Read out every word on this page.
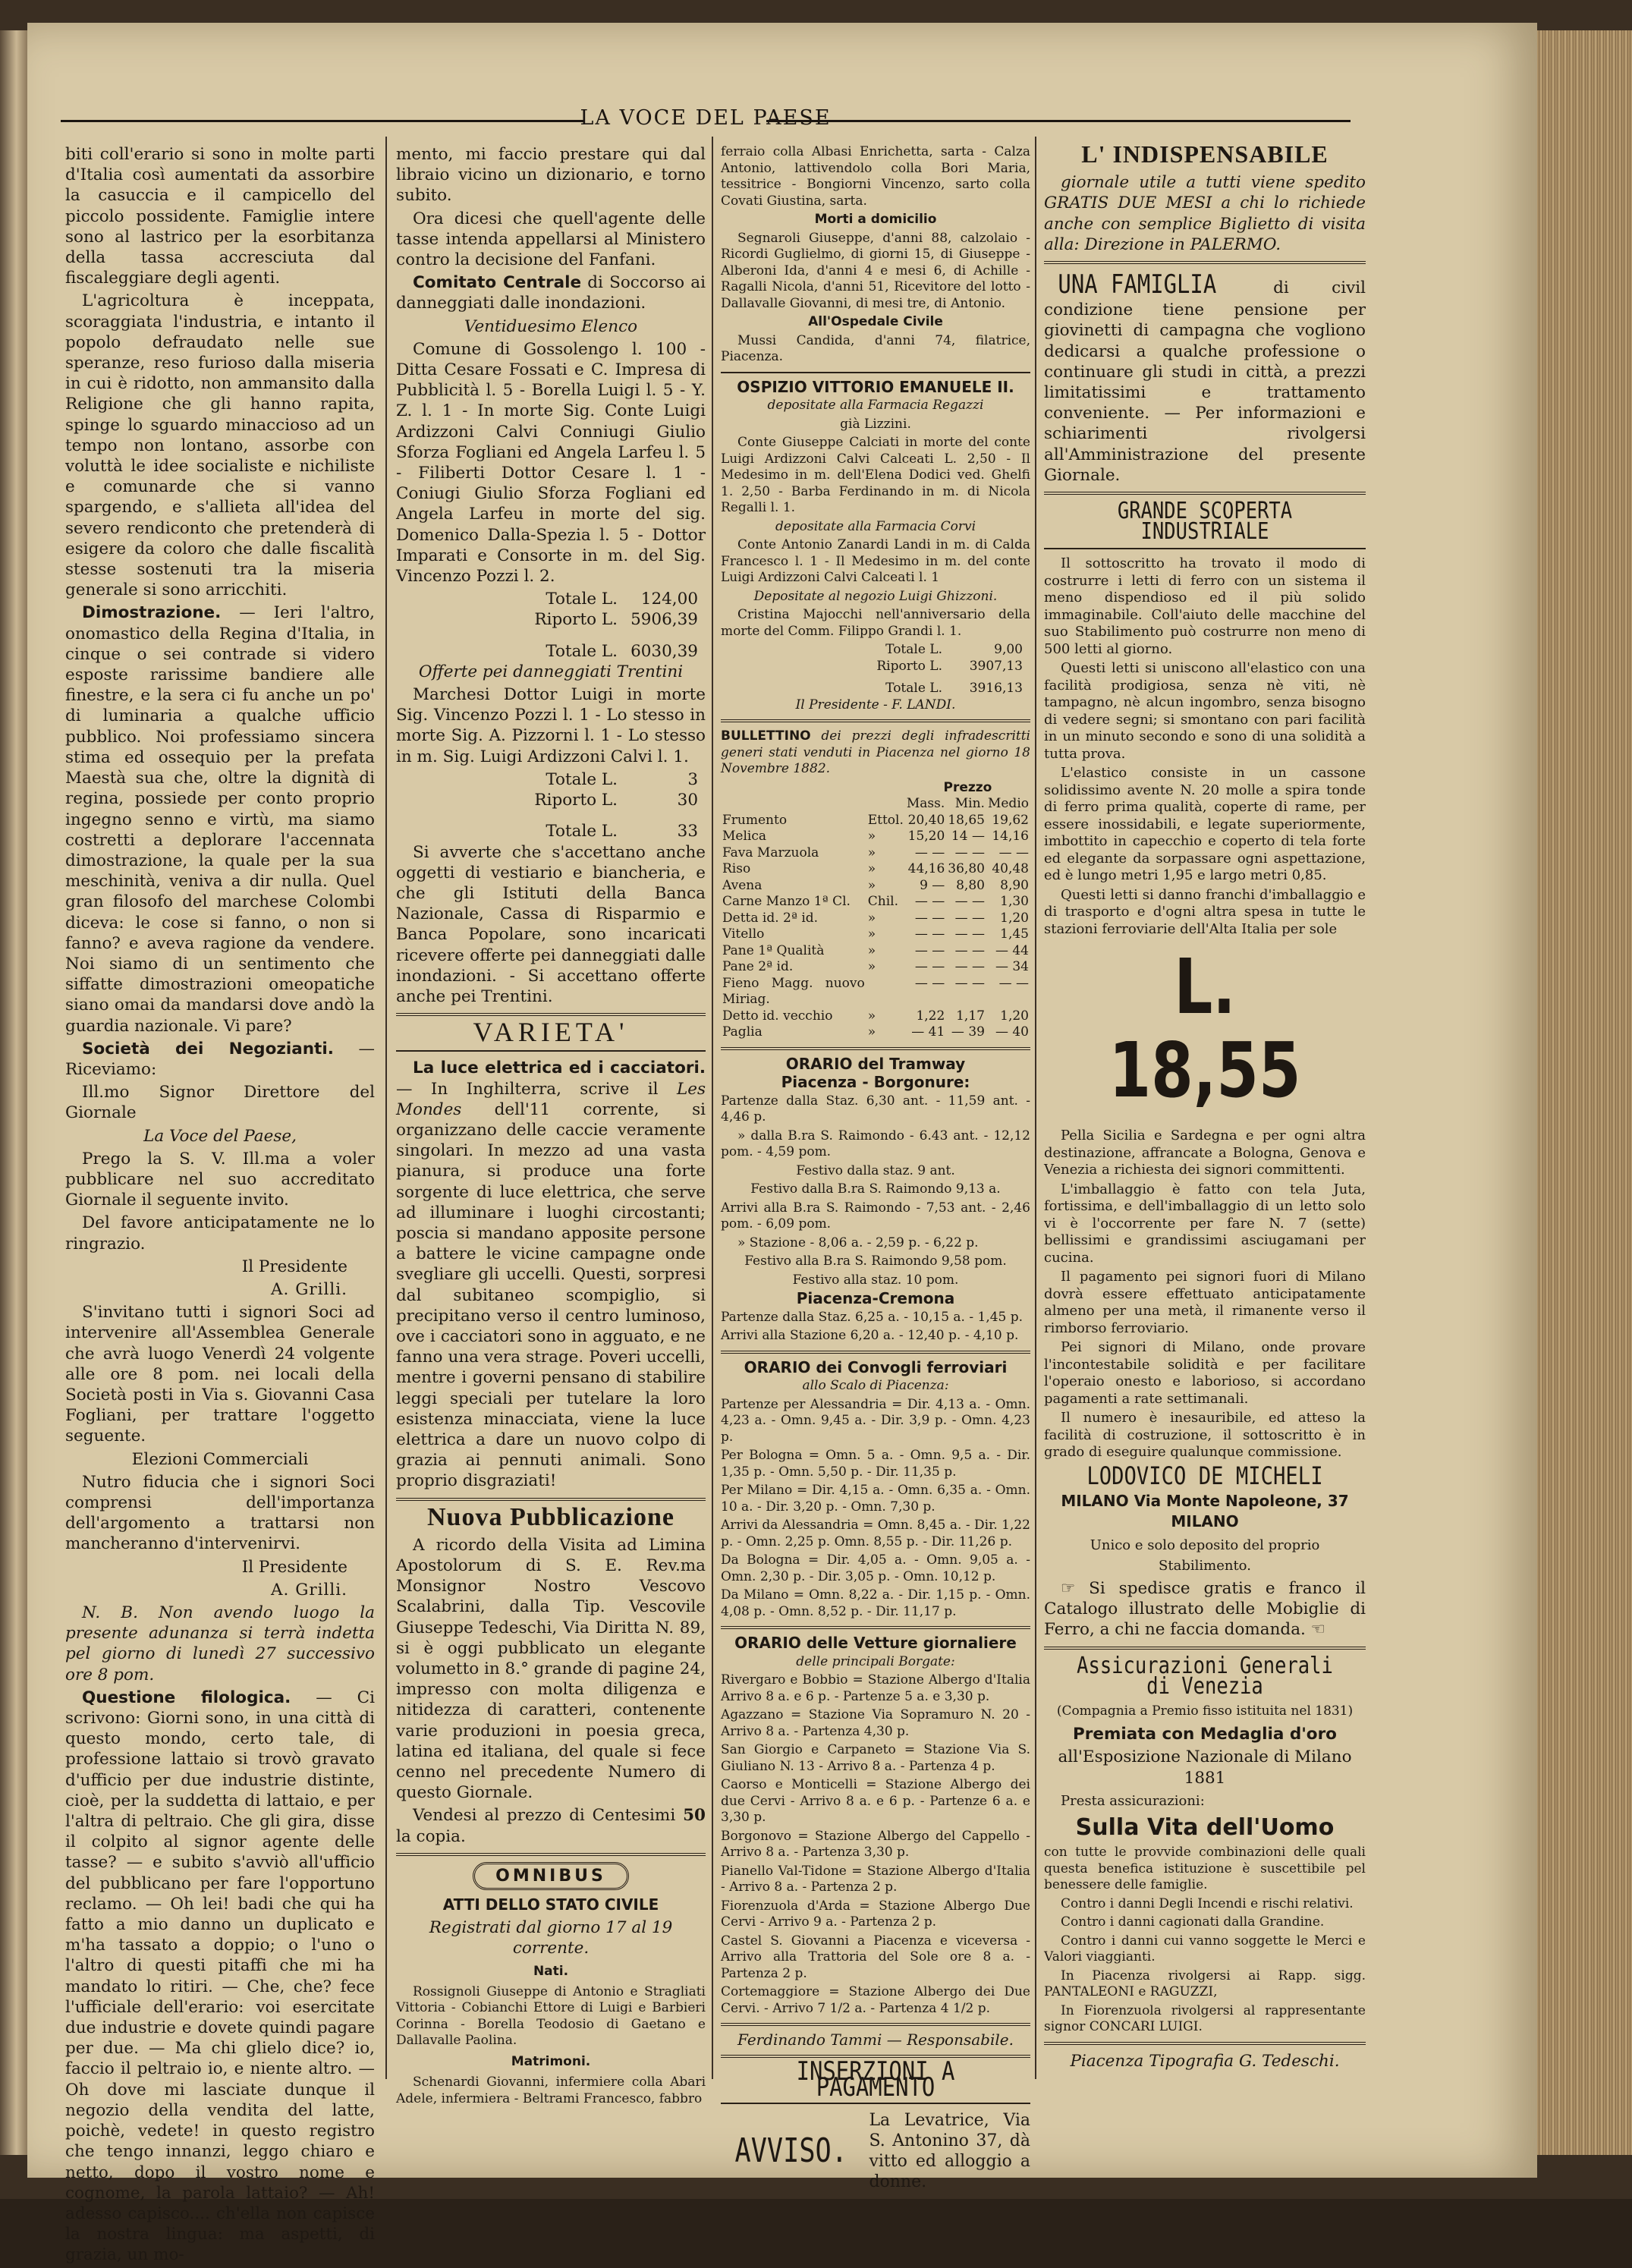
LA VOCE DEL PAESE

biti coll'erario si sono in molte parti d'Italia così aumentati da assorbire la casuccia e il campicello del piccolo possidente. Famiglie intere sono al lastrico per la esorbitanza della tassa accresciuta dal fiscaleggiare degli agenti.

L'agricoltura è inceppata, scoraggiata l'industria, e intanto il popolo defraudato nelle sue speranze, reso furioso dalla miseria in cui è ridotto, non ammansito dalla Religione che gli hanno rapita, spinge lo sguardo minaccioso ad un tempo non lontano, assorbe con voluttà le idee socialiste e nichiliste e comunarde che si vanno spargendo, e s'allieta all'idea del severo rendiconto che pretenderà di esigere da coloro che dalle fiscalità stesse sostenuti tra la miseria generale si sono arricchiti.

Dimostrazione. — Ieri l'altro, onomastico della Regina d'Italia, in cinque o sei contrade si videro esposte rarissime bandiere alle finestre, e la sera ci fu anche un po' di luminaria a qualche ufficio pubblico. Noi professiamo sincera stima ed ossequio per la prefata Maestà sua che, oltre la dignità di regina, possiede per conto proprio ingegno senno e virtù, ma siamo costretti a deplorare l'accennata dimostrazione, la quale per la sua meschinità, veniva a dir nulla. Quel gran filosofo del marchese Colombi diceva: le cose si fanno, o non si fanno? e aveva ragione da vendere. Noi siamo di un sentimento che siffatte dimostrazioni omeopatiche siano omai da mandarsi dove andò la guardia nazionale. Vi pare?

Società dei Negozianti. — Riceviamo:

Ill.mo Signor Direttore del Giornale

La Voce del Paese,

Prego la S. V. Ill.ma a voler pubblicare nel suo accreditato Giornale il seguente invito.

Del favore anticipatamente ne lo ringrazio.

Il Presidente

A. Grilli.

S'invitano tutti i signori Soci ad intervenire all'Assemblea Generale che avrà luogo Venerdì 24 volgente alle ore 8 pom. nei locali della Società posti in Via s. Giovanni Casa Fogliani, per trattare l'oggetto seguente.

Elezioni Commerciali

Nutro fiducia che i signori Soci comprensi dell'importanza dell'argomento a trattarsi non mancheranno d'intervenirvi.

Il Presidente

A. Grilli.

N. B. Non avendo luogo la presente adunanza si terrà indetta pel giorno di lunedì 27 successivo ore 8 pom.

Questione filologica. — Ci scrivono: Giorni sono, in una città di questo mondo, certo tale, di professione lattaio si trovò gravato d'ufficio per due industrie distinte, cioè, per la suddetta di lattaio, e per l'altra di peltraio. Che gli gira, disse il colpito al signor agente delle tasse? — e subito s'avviò all'ufficio del pubblicano per fare l'opportuno reclamo. — Oh lei! badi che qui ha fatto a mio danno un duplicato e m'ha tassato a doppio; o l'uno o l'altro di questi pitaffi che mi ha mandato lo ritiri. — Che, che? fece l'ufficiale dell'erario: voi esercitate due industrie e dovete quindi pagare per due. — Ma chi glielo dice? io, faccio il peltraio io, e niente altro. — Oh dove mi lasciate dunque il negozio della vendita del latte, poichè, vedete! in questo registro che tengo innanzi, leggo chiaro e netto, dopo il vostro nome e cognome, la parola lattaio? — Ah! adesso capisco.... ch'ella non capisce la nostra lingua: ma aspetti, di grazia, un mo-

mento, mi faccio prestare qui dal libraio vicino un dizionario, e torno subito.

Ora dicesi che quell'agente delle tasse intenda appellarsi al Ministero contro la decisione del Fanfani.

Comitato Centrale di Soccorso ai danneggiati dalle inondazioni.

Ventiduesimo Elenco

Comune di Gossolengo l. 100 - Ditta Cesare Fossati e C. Impresa di Pubblicità l. 5 - Borella Luigi l. 5 - Y. Z. l. 1 - In morte Sig. Conte Luigi Ardizzoni Calvi Conniugi Giulio Sforza Fogliani ed Angela Larfeu l. 5 - Filiberti Dottor Cesare l. 1 - Coniugi Giulio Sforza Fogliani ed Angela Larfeu in morte del sig. Domenico Dalla-Spezia l. 5 - Dottor Imparati e Consorte in m. del Sig. Vincenzo Pozzi l. 2.

Totale L.	124,00
Riporto L. 5906,39
Totale L. 6030,39

Offerte pei danneggiati Trentini

Marchesi Dottor Luigi in morte Sig. Vincenzo Pozzi l. 1 - Lo stesso in morte Sig. A. Pizzorni l. 1 - Lo stesso in m. Sig. Luigi Ardizzoni Calvi l. 1.

Totale L.	3
Riporto L.	30
Totale L.	33

Si avverte che s'accettano anche oggetti di vestiario e biancheria, e che gli Istituti della Banca Nazionale, Cassa di Risparmio e Banca Popolare, sono incaricati ricevere offerte pei danneggiati dalle inondazioni. - Si accettano offerte anche pei Trentini.

VARIETA'

La luce elettrica ed i cacciatori. — In Inghilterra, scrive il Les Mondes dell'11 corrente, si organizzano delle caccie veramente singolari. In mezzo ad una vasta pianura, si produce una forte sorgente di luce elettrica, che serve ad illuminare i luoghi circostanti; poscia si mandano apposite persone a battere le vicine campagne onde svegliare gli uccelli. Questi, sorpresi dal subitaneo scompiglio, si precipitano verso il centro luminoso, ove i cacciatori sono in agguato, e ne fanno una vera strage. Poveri uccelli, mentre i governi pensano di stabilire leggi speciali per tutelare la loro esistenza minacciata, viene la luce elettrica a dare un nuovo colpo di grazia ai pennuti animali. Sono proprio disgraziati!

Nuova Pubblicazione

A ricordo della Visita ad Limina Apostolorum di S. E. Rev.ma Monsignor Nostro Vescovo Scalabrini, dalla Tip. Vescovile Giuseppe Tedeschi, Via Diritta N. 89, si è oggi pubblicato un elegante volumetto in 8.° grande di pagine 24, impresso con molta diligenza e nitidezza di caratteri, contenente varie produzioni in poesia greca, latina ed italiana, del quale si fece cenno nel precedente Numero di questo Giornale.

Vendesi al prezzo di Centesimi 50 la copia.

OMNIBUS

ATTI DELLO STATO CIVILE

Registrati dal giorno 17 al 19 corrente.

Nati.

Rossignoli Giuseppe di Antonio e Stragliati Vittoria - Cobianchi Ettore di Luigi e Barbieri Corinna - Borella Teodosio di Gaetano e Dallavalle Paolina.

Matrimoni.

Schenardi Giovanni, infermiere colla Abari Adele, infermiera - Beltrami Francesco, fabbro

ferraio colla Albasi Enrichetta, sarta - Calza Antonio, lattivendolo colla Bori Maria, tessitrice - Bongiorni Vincenzo, sarto colla Covati Giustina, sarta.

Morti a domicilio

Segnaroli Giuseppe, d'anni 88, calzolaio - Ricordi Guglielmo, di giorni 15, di Giuseppe - Alberoni Ida, d'anni 4 e mesi 6, di Achille - Ragalli Nicola, d'anni 51, Ricevitore del lotto - Dallavalle Giovanni, di mesi tre, di Antonio.

All'Ospedale Civile

Mussi Candida, d'anni 74, filatrice, Piacenza.

OSPIZIO VITTORIO EMANUELE II.

depositate alla Farmacia Regazzi

già Lizzini.

Conte Giuseppe Calciati in morte del conte Luigi Ardizzoni Calvi Calceati L. 2,50 - Il Medesimo in m. dell'Elena Dodici ved. Ghelfi 1. 2,50 - Barba Ferdinando in m. di Nicola Regalli l. 1.

depositate alla Farmacia Corvi

Conte Antonio Zanardi Landi in m. di Calda Francesco l. 1 - Il Medesimo in m. del conte Luigi Ardizzoni Calvi Calceati l. 1

Depositate al negozio Luigi Ghizzoni.

Cristina Majocchi nell'anniversario della morte del Comm. Filippo Grandi l. 1.

Totale L.	9,00
Riporto L.	3907,13
Totale L.	3916,13

Il Presidente - F. LANDI.

BULLETTINO dei prezzi degli infradescritti generi stati venduti in Piacenza nel giorno 18 Novembre 1882.

		Prezzo		
		Mass.	Min.	Medio
Frumento	Ettol.	20,40	18,65	19,62
Melica	»	15,20	14 —	14,16
Fava Marzuola	»	— —	— —	— —
Riso	»	44,16	36,80	40,48
Avena	»	9 —	8,80	8,90
Carne Manzo 1ª Cl.	Chil.	— —	— —	1,30
Detta id. 2ª id.	»	— —	— —	1,20
Vitello	»	— —	— —	1,45
Pane 1ª Qualità	»	— —	— —	— 44
Pane 2ª id.	»	— —	— —	— 34
Fieno Magg. nuovo Miriag.		— —	— —	— —
Detto id. vecchio	»	1,22	1,17	1,20
Paglia	»	— 41	— 39	— 40

ORARIO del Tramway

Piacenza - Borgonure:

Partenze dalla Staz. 6,30 ant. - 11,59 ant. - 4,46 p.

» dalla B.ra S. Raimondo - 6.43 ant. - 12,12 pom. - 4,59 pom.

Festivo dalla staz. 9 ant.

Festivo dalla B.ra S. Raimondo 9,13 a.

Arrivi alla B.ra S. Raimondo - 7,53 ant. - 2,46 pom. - 6,09 pom.

» Stazione - 8,06 a. - 2,59 p. - 6,22 p.

Festivo alla B.ra S. Raimondo 9,58 pom.

Festivo alla staz. 10 pom.

Piacenza-Cremona

Partenze dalla Staz. 6,25 a. - 10,15 a. - 1,45 p.

Arrivi alla Stazione 6,20 a. - 12,40 p. - 4,10 p.

ORARIO dei Convogli ferroviari

allo Scalo di Piacenza:

Partenze per Alessandria = Dir. 4,13 a. - Omn. 4,23 a. - Omn. 9,45 a. - Dir. 3,9 p. - Omn. 4,23 p.

Per Bologna = Omn. 5 a. - Omn. 9,5 a. - Dir. 1,35 p. - Omn. 5,50 p. - Dir. 11,35 p.

Per Milano = Dir. 4,15 a. - Omn. 6,35 a. - Omn. 10 a. - Dir. 3,20 p. - Omn. 7,30 p.

Arrivi da Alessandria = Omn. 8,45 a. - Dir. 1,22 p. - Omn. 2,25 p. Omn. 8,55 p. - Dir. 11,26 p.

Da Bologna = Dir. 4,05 a. - Omn. 9,05 a. - Omn. 2,30 p. - Dir. 3,05 p. - Omn. 10,12 p.

Da Milano = Omn. 8,22 a. - Dir. 1,15 p. - Omn. 4,08 p. - Omn. 8,52 p. - Dir. 11,17 p.

ORARIO delle Vetture giornaliere

delle principali Borgate:

Rivergaro e Bobbio = Stazione Albergo d'Italia Arrivo 8 a. e 6 p. - Partenze 5 a. e 3,30 p.

Agazzano = Stazione Via Sopramuro N. 20 - Arrivo 8 a. - Partenza 4,30 p.

San Giorgio e Carpaneto = Stazione Via S. Giuliano N. 13 - Arrivo 8 a. - Partenza 4 p.

Caorso e Monticelli = Stazione Albergo dei due Cervi - Arrivo 8 a. e 6 p. - Partenze 6 a. e 3,30 p.

Borgonovo = Stazione Albergo del Cappello - Arrivo 8 a. - Partenza 3,30 p.

Pianello Val-Tidone = Stazione Albergo d'Italia - Arrivo 8 a. - Partenza 2 p.

Fiorenzuola d'Arda = Stazione Albergo Due Cervi - Arrivo 9 a. - Partenza 2 p.

Castel S. Giovanni a Piacenza e viceversa - Arrivo alla Trattoria del Sole ore 8 a. - Partenza 2 p.

Cortemaggiore = Stazione Albergo dei Due Cervi. - Arrivo 7 1/2 a. - Partenza 4 1/2 p.

Ferdinando Tammi — Responsabile.

INSERZIONI A PAGAMENTO
AVVISO.
La Levatrice, Via S. Antonino 37, dà vitto ed alloggio a donne.
L' INDISPENSABILE

giornale utile a tutti viene spedito GRATIS DUE MESI a chi lo richiede anche con semplice Biglietto di visita alla: Direzione in PALERMO.

UNA FAMIGLIA	di civil condizione tiene pensione per giovinetti di campagna che vogliono dedicarsi a qualche professione o continuare gli studi in città, a prezzi limitatissimi e trattamento conveniente. — Per informazioni e schiarimenti rivolgersi all'Amministrazione del presente Giornale.

GRANDE SCOPERTA INDUSTRIALE

Il sottoscritto ha trovato il modo di costrurre i letti di ferro con un sistema il meno dispendioso ed il più solido immaginabile. Coll'aiuto delle macchine del suo Stabilimento può costrurre non meno di 500 letti al giorno.

Questi letti si uniscono all'elastico con una facilità prodigiosa, senza nè viti, nè tampagno, nè alcun ingombro, senza bisogno di vedere segni; si smontano con pari facilità in un minuto secondo e sono di una solidità a tutta prova.

L'elastico consiste in un cassone solidissimo avente N. 20 molle a spira tonde di ferro prima qualità, coperte di rame, per essere inossidabili, e legate superiormente, imbottito in capecchio e coperto di tela forte ed elegante da sorpassare ogni aspettazione, ed è lungo metri 1,95 e largo metri 0,85.

Questi letti si danno franchi d'imballaggio e di trasporto e d'ogni altra spesa in tutte le stazioni ferroviarie dell'Alta Italia per sole

L. 18,55

Pella Sicilia e Sardegna e per ogni altra destinazione, affrancate a Bologna, Genova e Venezia a richiesta dei signori committenti.

L'imballaggio è fatto con tela Juta, fortissima, e dell'imballaggio di un letto solo vi è l'occorrente per fare N. 7 (sette) bellissimi e grandissimi asciugamani per cucina.

Il pagamento pei signori fuori di Milano dovrà essere effettuato anticipatamente almeno per una metà, il rimanente verso il rimborso ferroviario.

Pei signori di Milano, onde provare l'incontestabile solidità e per facilitare l'operaio onesto e laborioso, si accordano pagamenti a rate settimanali.

Il numero è inesauribile, ed atteso la facilità di costruzione, il sottoscritto è in grado di eseguire qualunque commissione.

LODOVICO DE MICHELI

MILANO Via Monte Napoleone, 37 MILANO

Unico e solo deposito del proprio Stabilimento.

☞ Si spedisce gratis e franco il Catalogo illustrato delle Mobiglie di Ferro, a chi ne faccia domanda. ☜

Assicurazioni Generali di Venezia

(Compagnia a Premio fisso istituita nel 1831)

Premiata con Medaglia d'oro

all'Esposizione Nazionale di Milano 1881

Presta assicurazioni:

Sulla Vita dell'Uomo

con tutte le provvide combinazioni delle quali questa benefica istituzione è suscettibile pel benessere delle famiglie.

Contro i danni Degli Incendi e rischi relativi.

Contro i danni cagionati dalla Grandine.

Contro i danni cui vanno soggette le Merci e Valori viaggianti.

In Piacenza rivolgersi ai Rapp. sigg. PANTALEONI e RAGUZZI,

In Fiorenzuola rivolgersi al rappresentante signor CONCARI LUIGI.

Piacenza Tipografia G. Tedeschi.
